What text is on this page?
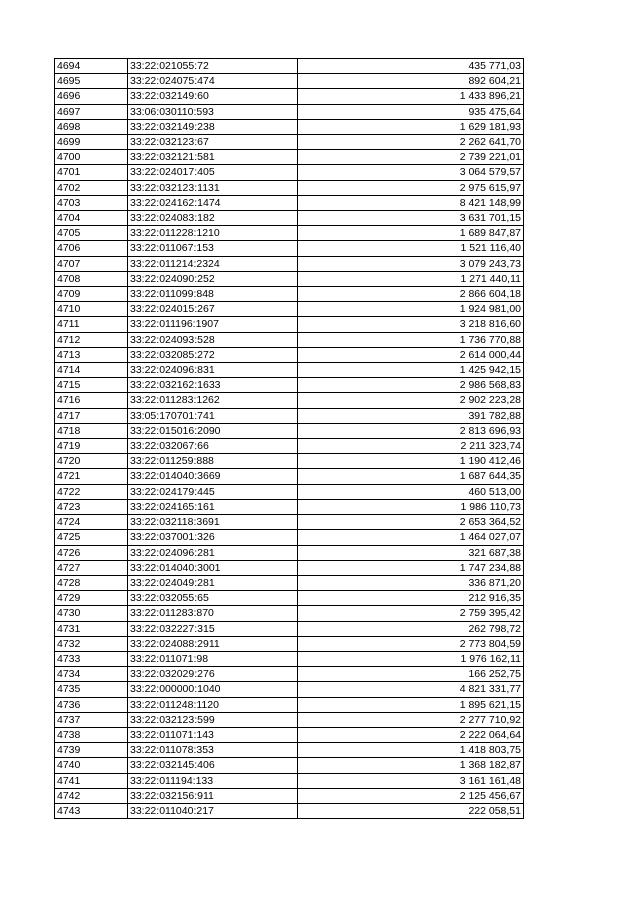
4694	33:22:021055:72	435 771,03
4695	33:22:024075:474	892 604,21
4696	33:22:032149:60	1 433 896,21
4697	33:06:030110:593	935 475,64
4698	33:22:032149:238	1 629 181,93
4699	33:22:032123:67	2 262 641,70
4700	33:22:032121:581	2 739 221,01
4701	33:22:024017:405	3 064 579,57
4702	33:22:032123:1131	2 975 615,97
4703	33:22:024162:1474	8 421 148,99
4704	33:22:024083:182	3 631 701,15
4705	33:22:011228:1210	1 689 847,87
4706	33:22:011067:153	1 521 116,40
4707	33:22:011214:2324	3 079 243,73
4708	33:22:024090:252	1 271 440,11
4709	33:22:011099:848	2 866 604,18
4710	33:22:024015:267	1 924 981,00
4711	33:22:011196:1907	3 218 816,60
4712	33:22:024093:528	1 736 770,88
4713	33:22:032085:272	2 614 000,44
4714	33:22:024096:831	1 425 942,15
4715	33:22:032162:1633	2 986 568,83
4716	33:22:011283:1262	2 902 223,28
4717	33:05:170701:741	391 782,88
4718	33:22:015016:2090	2 813 696,93
4719	33:22:032067:66	2 211 323,74
4720	33:22:011259:888	1 190 412,46
4721	33:22:014040:3669	1 687 644,35
4722	33:22:024179:445	460 513,00
4723	33:22:024165:161	1 986 110,73
4724	33:22:032118:3691	2 653 364,52
4725	33:22:037001:326	1 464 027,07
4726	33:22:024096:281	321 687,38
4727	33:22:014040:3001	1 747 234,88
4728	33:22:024049:281	336 871,20
4729	33:22:032055:65	212 916,35
4730	33:22:011283:870	2 759 395,42
4731	33:22:032227:315	262 798,72
4732	33:22:024088:2911	2 773 804,59
4733	33:22:011071:98	1 976 162,11
4734	33:22:032029:276	166 252,75
4735	33:22:000000:1040	4 821 331,77
4736	33:22:011248:1120	1 895 621,15
4737	33:22:032123:599	2 277 710,92
4738	33:22:011071:143	2 222 064,64
4739	33:22:011078:353	1 418 803,75
4740	33:22:032145:406	1 368 182,87
4741	33:22:011194:133	3 161 161,48
4742	33:22:032156:911	2 125 456,67
4743	33:22:011040:217	222 058,51
